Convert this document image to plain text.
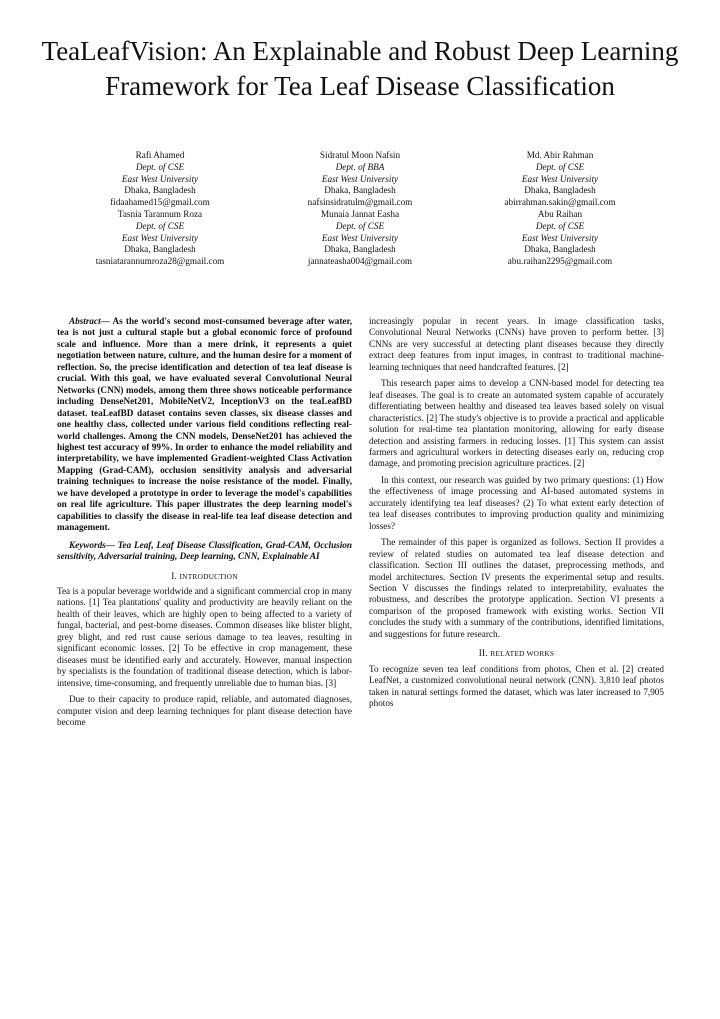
TeaLeafVision: An Explainable and Robust Deep Learning Framework for Tea Leaf Disease Classification
Rafi Ahamed
Dept. of CSE
East West University
Dhaka, Bangladesh
fidaahamed15@gmail.com
Sidratul Moon Nafsin
Dept. of BBA
East West University
Dhaka, Bangladesh
nafsinsidratulm@gmail.com
Md. Abir Rahman
Dept. of CSE
East West University
Dhaka, Bangladesh
abirrahman.sakin@gmail.com
Tasnia Tarannum Roza
Dept. of CSE
East West University
Dhaka, Bangladesh
tasniatarannumroza28@gmail.com
Munaia Jannat Easha
Dept. of CSE
East West University
Dhaka, Bangladesh
jannateasha004@gmail.com
Abu Raihan
Dept. of CSE
East West University
Dhaka, Bangladesh
abu.raihan2295@gmail.com

Abstract— As the world's second most-consumed beverage after water, tea is not just a cultural staple but a global economic force of profound scale and influence. More than a mere drink, it represents a quiet negotiation between nature, culture, and the human desire for a moment of reflection. So, the precise identification and detection of tea leaf disease is crucial. With this goal, we have evaluated several Convolutional Neural Networks (CNN) models, among them three shows noticeable performance including DenseNet201, MobileNetV2, InceptionV3 on the teaLeafBD dataset. teaLeafBD dataset contains seven classes, six disease classes and one healthy class, collected under various field conditions reflecting real-world challenges. Among the CNN models, DenseNet201 has achieved the highest test accuracy of 99%. In order to enhance the model reliability and interpretability, we have implemented Gradient-weighted Class Activation Mapping (Grad-CAM), occlusion sensitivity analysis and adversarial training techniques to increase the noise resistance of the model. Finally, we have developed a prototype in order to leverage the model's capabilities on real life agriculture. This paper illustrates the deep learning model's capabilities to classify the disease in real-life tea leaf disease detection and management.

Keywords— Tea Leaf, Leaf Disease Classification, Grad-CAM, Occlusion sensitivity, Adversarial training, Deep learning, CNN, Explainable AI

I. INTRODUCTION

Tea is a popular beverage worldwide and a significant commercial crop in many nations. [1] Tea plantations' quality and productivity are heavily reliant on the health of their leaves, which are highly open to being affected to a variety of fungal, bacterial, and pest-borne diseases. Common diseases like blister blight, grey blight, and red rust cause serious damage to tea leaves, resulting in significant economic losses. [2] To be effective in crop management, these diseases must be identified early and accurately. However, manual inspection by specialists is the foundation of traditional disease detection, which is labor-intensive, time-consuming, and frequently unreliable due to human bias. [3]

Due to their capacity to produce rapid, reliable, and automated diagnoses, computer vision and deep learning techniques for plant disease detection have become

increasingly popular in recent years. In image classification tasks, Convolutional Neural Networks (CNNs) have proven to perform better. [3] CNNs are very successful at detecting plant diseases because they directly extract deep features from input images, in contrast to traditional machine-learning techniques that need handcrafted features. [2]

This research paper aims to develop a CNN-based model for detecting tea leaf diseases. The goal is to create an automated system capable of accurately differentiating between healthy and diseased tea leaves based solely on visual characteristics. [2] The study's objective is to provide a practical and applicable solution for real-time tea plantation monitoring, allowing for early disease detection and assisting farmers in reducing losses. [1] This system can assist farmers and agricultural workers in detecting diseases early on, reducing crop damage, and promoting precision agriculture practices. [2]

In this context, our research was guided by two primary questions: (1) How the effectiveness of image processing and AI-based automated systems in accurately identifying tea leaf diseases? (2) To what extent early detection of tea leaf diseases contributes to improving production quality and minimizing losses?

The remainder of this paper is organized as follows. Section II provides a review of related studies on automated tea leaf disease detection and classification. Section III outlines the dataset, preprocessing methods, and model architectures. Section IV presents the experimental setup and results. Section V discusses the findings related to interpretability, evaluates the robustness, and describes the prototype application. Section VI presents a comparison of the proposed framework with existing works. Section VII concludes the study with a summary of the contributions, identified limitations, and suggestions for future research.

II. RELATED WORKS

To recognize seven tea leaf conditions from photos, Chen et al. [2] created LeafNet, a customized convolutional neural network (CNN). 3,810 leaf photos taken in natural settings formed the dataset, which was later increased to 7,905 photos
